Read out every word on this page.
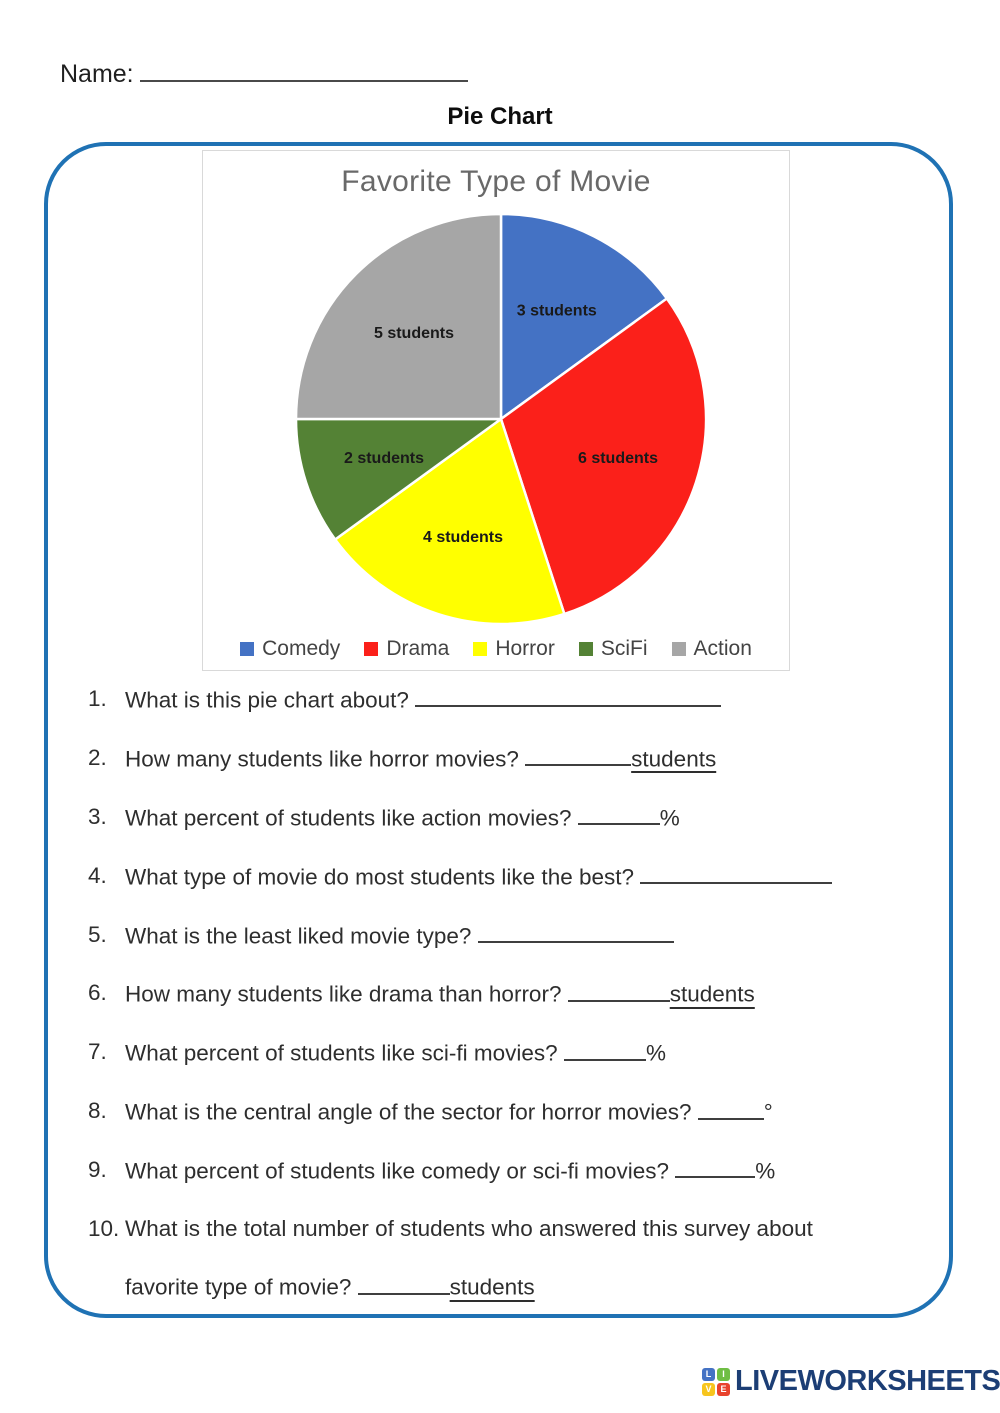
Name:
Pie Chart
3 students
6 students
4 students
2 students
5 students
Favorite Type of Movie
Comedy Drama Horror SciFi Action
1. What is this pie chart about?
2. How many students like horror movies?	students
3. What percent of students like action movies?	%
4. What type of movie do most students like the best?
5. What is the least liked movie type?
6. How many students like drama than horror?	students
7. What percent of students like sci-fi movies?	%
8. What is the central angle of the sector for horror movies?	°
9. What percent of students like comedy or sci-fi movies?	%
10. What is the total number of students who answered this survey about
favorite type of movie?	students
L	I
V E LIVEWORKSHEETS
